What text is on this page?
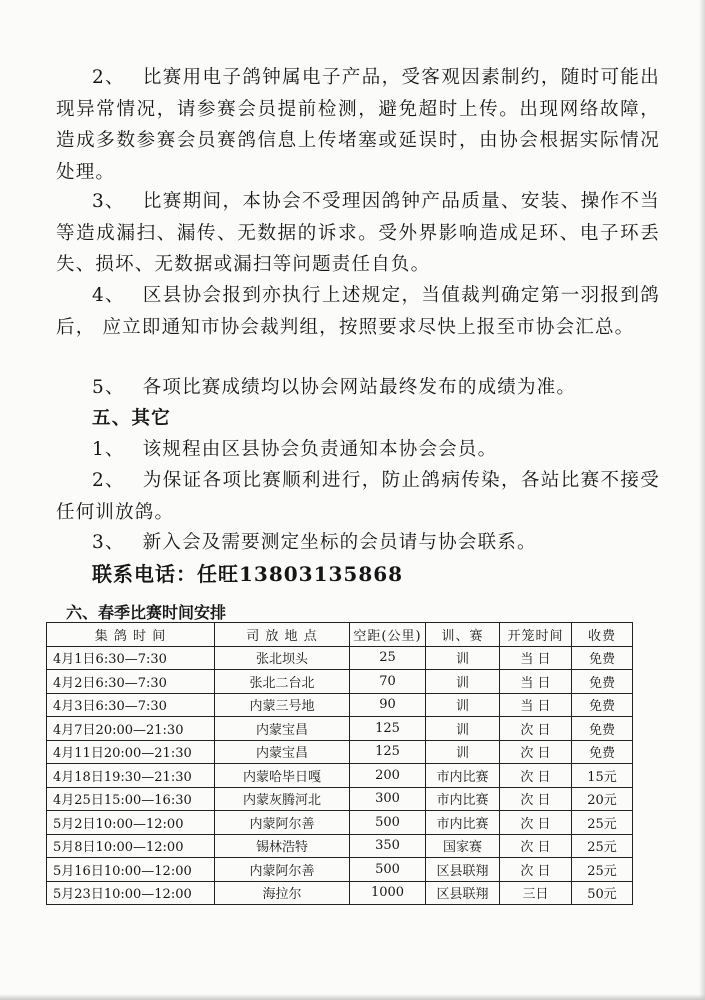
2、 比赛用电子鸽钟属电子产品，受客观因素制约，随时可能出现异常情况，请参赛会员提前检测，避免超时上传。出现网络故障， 造成多数参赛会员赛鸽信息上传堵塞或延误时，由协会根据实际情况处理。

3、 比赛期间，本协会不受理因鸽钟产品质量、安装、操作不当等造成漏扫、漏传、无数据的诉求。受外界影响造成足环、电子环丢失、损坏、无数据或漏扫等问题责任自负。

4、 区县协会报到亦执行上述规定，当值裁判确定第一羽报到鸽后， 应立即通知市协会裁判组，按照要求尽快上报至市协会汇总。

5、 各项比赛成绩均以协会网站最终发布的成绩为准。

五、其它

1、 该规程由区县协会负责通知本协会会员。

2、 为保证各项比赛顺利进行，防止鸽病传染，各站比赛不接受任何训放鸽。

3、 新入会及需要测定坐标的会员请与协会联系。

联系电话：任旺13803135868

六、春季比赛时间安排

集 鸽 时 间	司 放 地 点	空距(公里)	训、赛	开笼时间	收费
4月1日6:30—7:30	张北坝头	25	训	当 日	免费
4月2日6:30—7:30	张北二台北	70	训	当 日	免费
4月3日6:30—7:30	内蒙三号地	90	训	当 日	免费
4月7日20:00—21:30	内蒙宝昌	125	训	次 日	免费
4月11日20:00—21:30	内蒙宝昌	125	训	次 日	免费
4月18日19:30—21:30	内蒙哈毕日嘎	200	市内比赛	次 日	15元
4月25日15:00—16:30	内蒙灰腾河北	300	市内比赛	次 日	20元
5月2日10:00—12:00	内蒙阿尔善	500	市内比赛	次 日	25元
5月8日10:00—12:00	锡林浩特	350	国家赛	次 日	25元
5月16日10:00—12:00	内蒙阿尔善	500	区县联翔	次 日	25元
5月23日10:00—12:00	海拉尔	1000	区县联翔	三日	50元
